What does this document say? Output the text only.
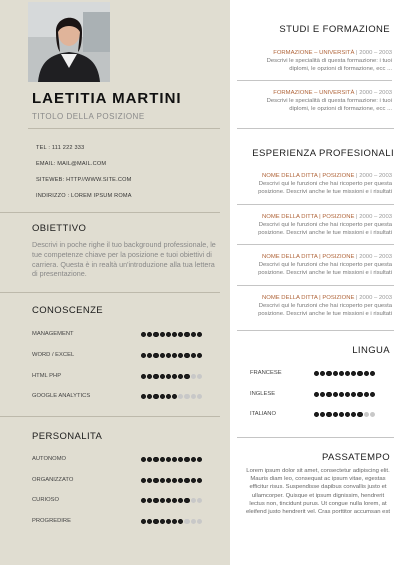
LAETITIA MARTINI
TITOLO DELLA POSIZIONE
TEL : 111 222 333
EMAIL: MAIL@MAIL.COM
SITEWEB: HTTP//WWW.SITE.COM
INDIRIZZO : LOREM IPSUM ROMA
OBIETTIVO
Descrivi in poche righe il tuo background professionale, le tue competenze chiave per la posizione e tuoi obiettivi di carriera. Questa è in realtà un'introduzione alla tua lettera di presentazione.
CONOSCENZE
MANAGEMENT
WORD / EXCEL
HTML PHP
GOOGLE ANALYTICS
PERSONALITA
AUTONOMO
ORGANIZZATO
CURIOSO
PROGREDIRE
STUDI E FORMAZIONE
FORMAZIONE – UNIVERSITÀ | 2000 – 2003
Descrivi le specialità di questa formazione: i tuoi
diplomi, le opzioni di formazione, ecc ...
FORMAZIONE – UNIVERSITÀ | 2000 – 2003
Descrivi le specialità di questa formazione: i tuoi
diplomi, le opzioni di formazione, ecc ...
ESPERIENZA PROFESIONALI
NOME DELLA DITTA | POSIZIONE | 2000 – 2003
Descrivi qui le funzioni che hai ricoperto per questa
posizione. Descrivi anche le tue missioni e i risultati
NOME DELLA DITTA | POSIZIONE | 2000 – 2003
Descrivi qui le funzioni che hai ricoperto per questa
posizione. Descrivi anche le tue missioni e i risultati
NOME DELLA DITTA | POSIZIONE | 2000 – 2003
Descrivi qui le funzioni che hai ricoperto per questa
posizione. Descrivi anche le tue missioni e i risultati
NOME DELLA DITTA | POSIZIONE | 2000 – 2003
Descrivi qui le funzioni che hai ricoperto per questa
posizione. Descrivi anche le tue missioni e i risultati
LINGUA
FRANCESE
INGLESE
ITALIANO
PASSATEMPO
Lorem ipsum dolor sit amet, consectetur adipiscing elit. Mauris diam leo, consequat ac ipsum vitae, egestas efficitur risus. Suspendisse dapibus convallis justo et ullamcorper. Quisque et ipsum dignissim, hendrerit lectus non, tincidunt purus. Ut congue nulla lorem, at eleifend justo hendrerit vel. Cras porttitor accumsan est
